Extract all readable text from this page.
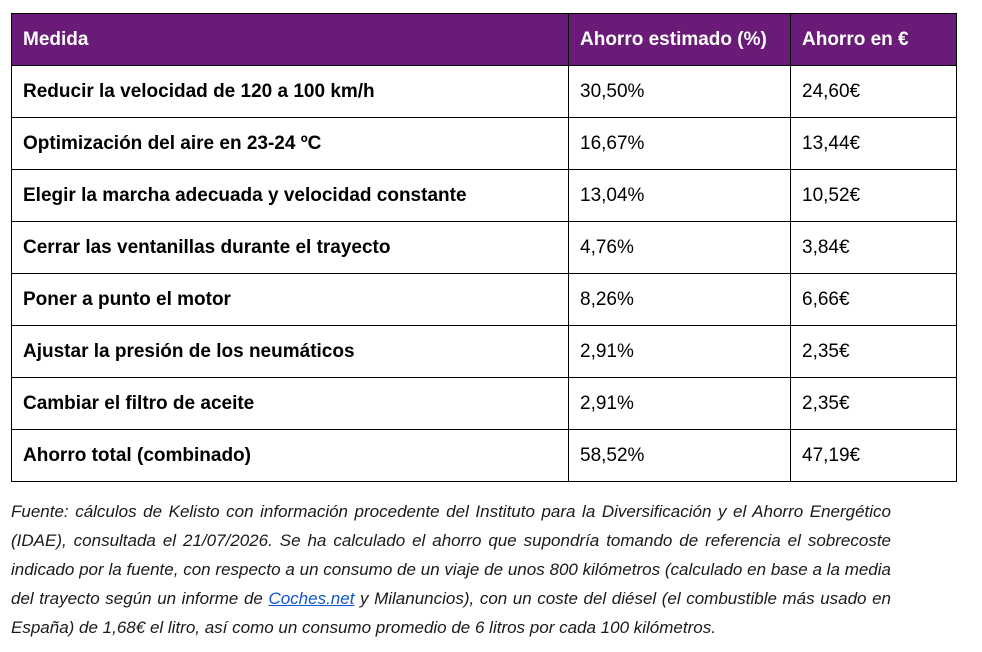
Medida	Ahorro estimado (%)	Ahorro en €
Reducir la velocidad de 120 a 100 km/h	30,50%	24,60€
Optimización del aire en 23-24 ºC	16,67%	13,44€
Elegir la marcha adecuada y velocidad constante	13,04%	10,52€
Cerrar las ventanillas durante el trayecto	4,76%	3,84€
Poner a punto el motor	8,26%	6,66€
Ajustar la presión de los neumáticos	2,91%	2,35€
Cambiar el filtro de aceite	2,91%	2,35€
Ahorro total (combinado)	58,52%	47,19€

Fuente: cálculos de Kelisto con información procedente del Instituto para la Diversificación y el Ahorro Energético (IDAE), consultada el 21/07/2026. Se ha calculado el ahorro que supondría tomando de referencia el sobrecoste indicado por la fuente, con respecto a un consumo de un viaje de unos 800 kilómetros (calculado en base a la media del trayecto según un informe de Coches.net y Milanuncios), con un coste del diésel (el combustible más usado en España) de 1,68€ el litro, así como un consumo promedio de 6 litros por cada 100 kilómetros.
